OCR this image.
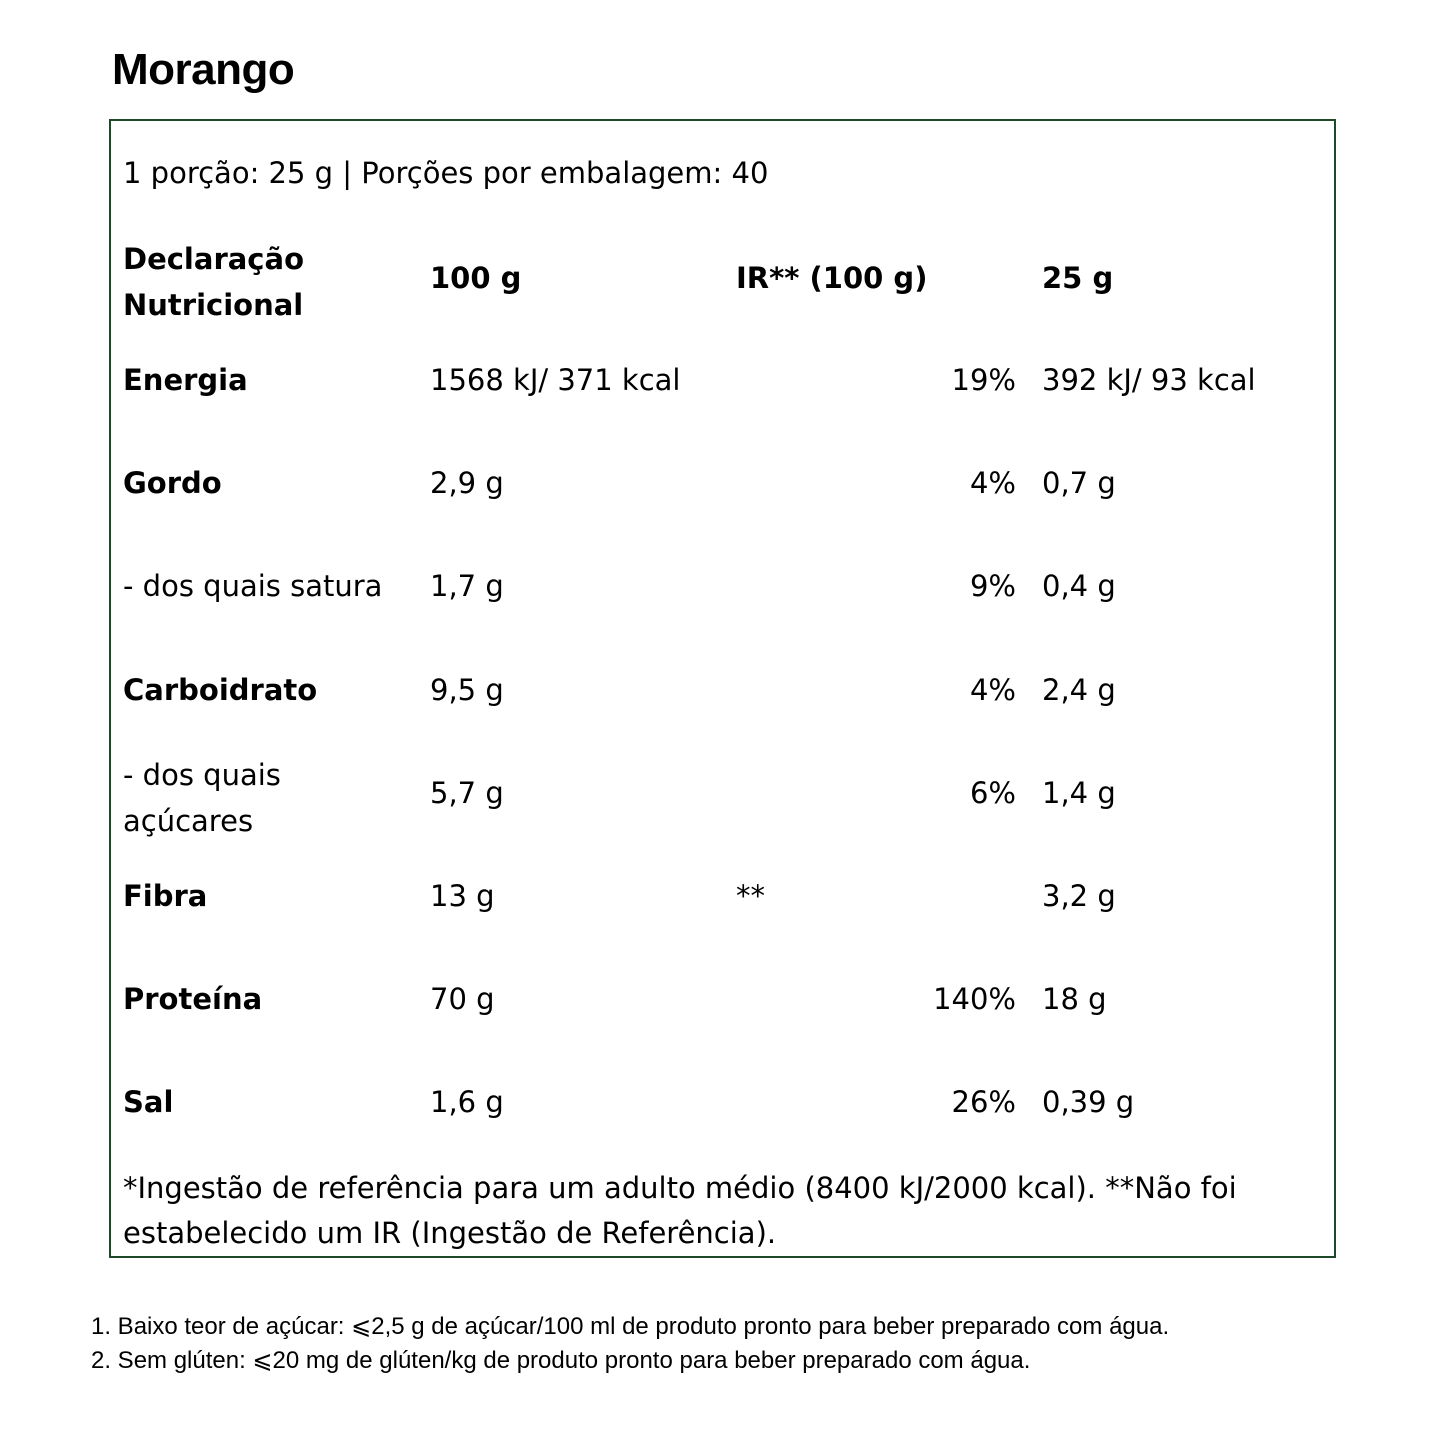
Morango
1 porção: 25 g | Porções por embalagem: 40
Declaração
Nutricional
100 g	IR** (100 g)	25 g
Energia	1568 kJ/ 371 kcal	19% 392 kJ/ 93 kcal
Gordo	2,9 g	4% 0,7 g
- dos quais satura 1,7 g	9% 0,4 g
Carboidrato	9,5 g	4% 2,4 g
- dos quais
açúcares
5,7 g	6% 1,4 g
Fibra	13 g	**	3,2 g
Proteína	70 g	140% 18 g
Sal	1,6 g	26% 0,39 g
*Ingestão de referência para um adulto médio (8400 kJ/2000 kcal). **Não foi estabelecido um IR (Ingestão de Referência).
1. Baixo teor de açúcar: ⩽2,5 g de açúcar/100 ml de produto pronto para beber preparado com água.
2. Sem glúten: ⩽20 mg de glúten/kg de produto pronto para beber preparado com água.
